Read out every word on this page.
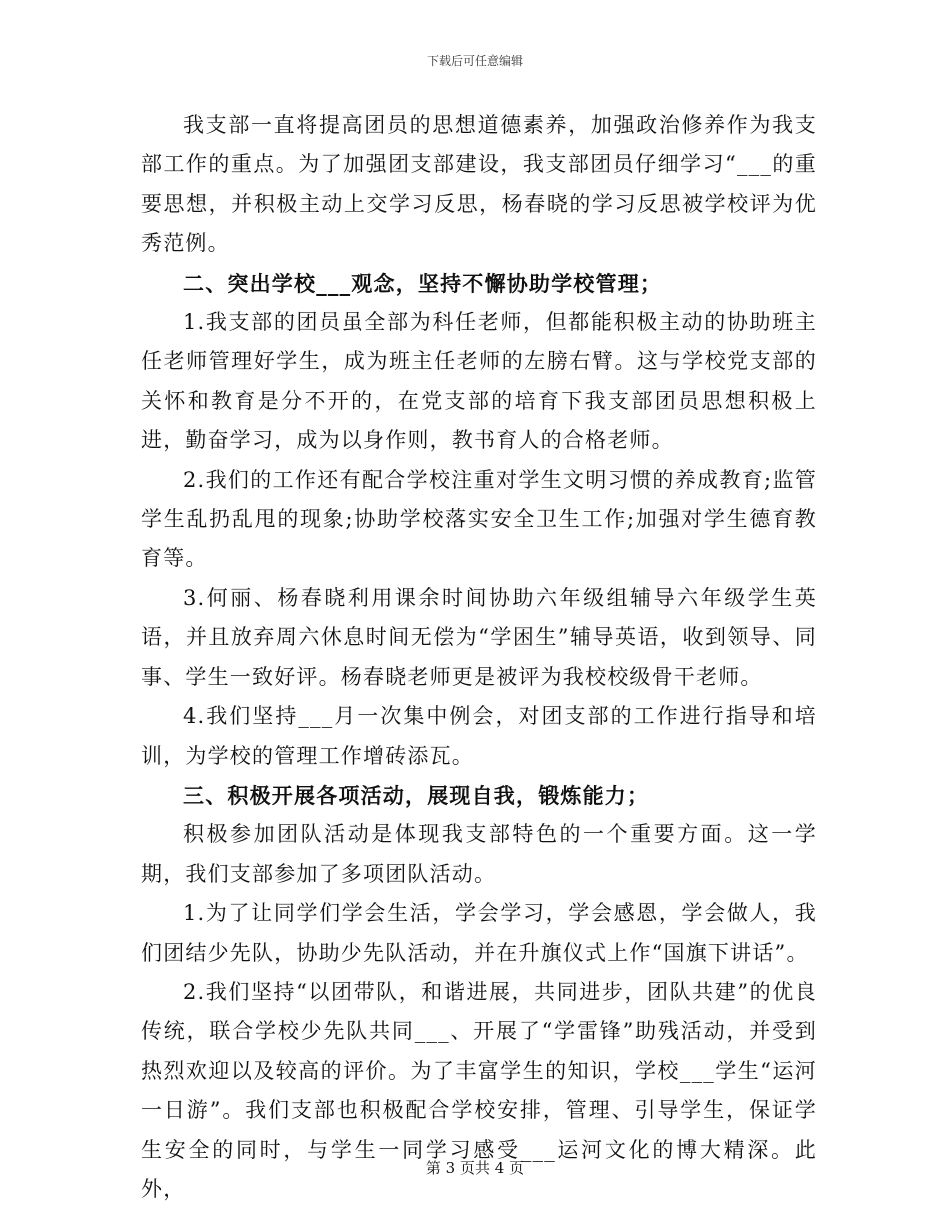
下载后可任意编辑

我支部一直将提高团员的思想道德素养，加强政治修养作为我支部工作的重点。为了加强团支部建设，我支部团员仔细学习“___的重要思想，并积极主动上交学习反思，杨春晓的学习反思被学校评为优秀范例。

二、突出学校___观念，坚持不懈协助学校管理；

1.我支部的团员虽全部为科任老师，但都能积极主动的协助班主任老师管理好学生，成为班主任老师的左膀右臂。这与学校党支部的关怀和教育是分不开的，在党支部的培育下我支部团员思想积极上进，勤奋学习，成为以身作则，教书育人的合格老师。

2.我们的工作还有配合学校注重对学生文明习惯的养成教育;监管学生乱扔乱甩的现象;协助学校落实安全卫生工作;加强对学生德育教育等。

3.何丽、杨春晓利用课余时间协助六年级组辅导六年级学生英语，并且放弃周六休息时间无偿为“学困生”辅导英语，收到领导、同事、学生一致好评。杨春晓老师更是被评为我校校级骨干老师。

4.我们坚持___月一次集中例会，对团支部的工作进行指导和培训，为学校的管理工作增砖添瓦。

三、积极开展各项活动，展现自我，锻炼能力；

积极参加团队活动是体现我支部特色的一个重要方面。这一学期，我们支部参加了多项团队活动。

1.为了让同学们学会生活，学会学习，学会感恩，学会做人，我们团结少先队，协助少先队活动，并在升旗仪式上作“国旗下讲话”。

2.我们坚持“以团带队，和谐进展，共同进步，团队共建”的优良传统，联合学校少先队共同___、开展了“学雷锋”助残活动，并受到热烈欢迎以及较高的评价。为了丰富学生的知识，学校___学生“运河一日游”。我们支部也积极配合学校安排，管理、引导学生，保证学生安全的同时，与学生一同学习感受___运河文化的博大精深。此外，

第 3 页共 4 页
